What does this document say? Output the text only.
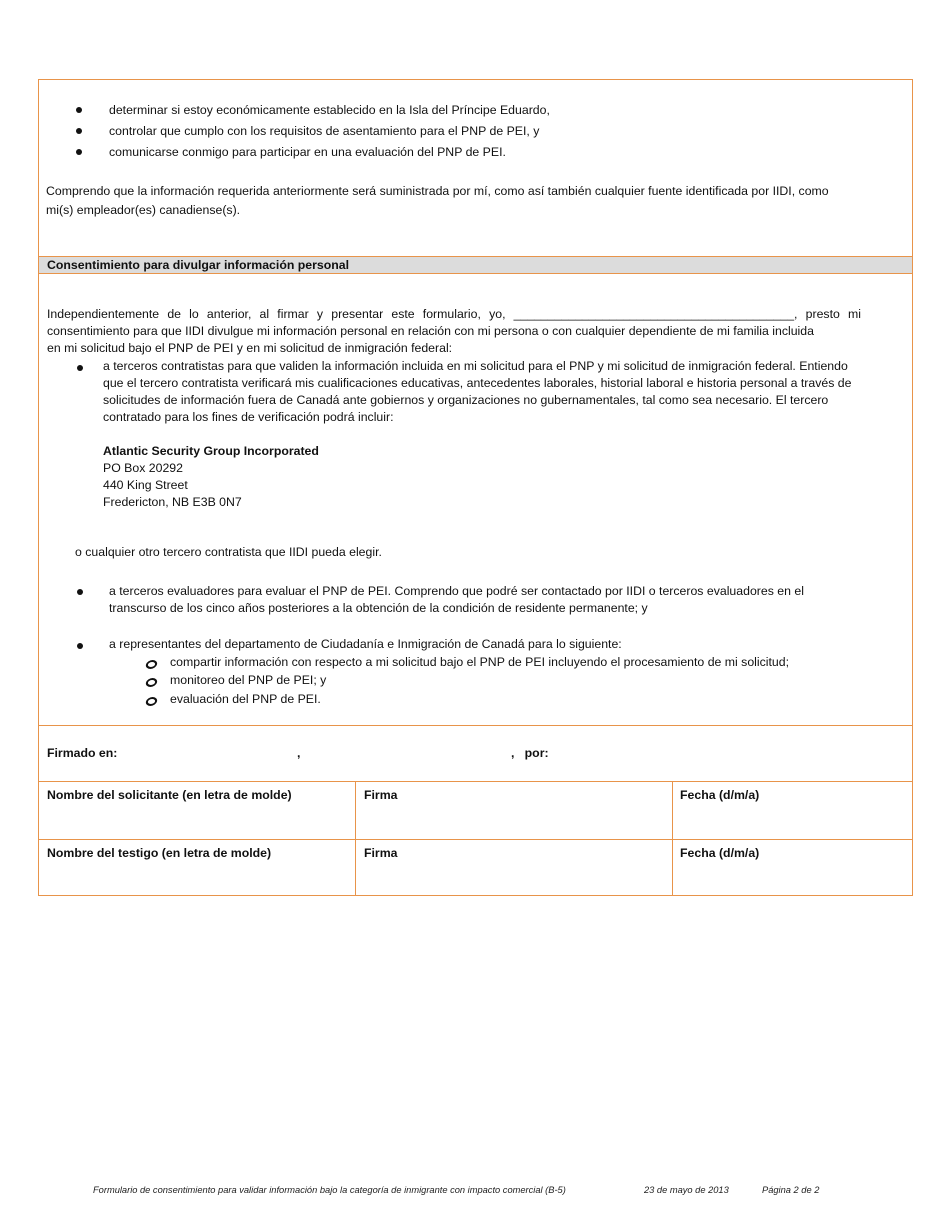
determinar si estoy económicamente establecido en la Isla del Príncipe Eduardo,
controlar que cumplo con los requisitos de asentamiento para el PNP de PEI, y
comunicarse conmigo para participar en una evaluación del PNP de PEI.
Comprendo que la información requerida anteriormente será suministrada por mí, como así también cualquier fuente identificada por IIDI, como
mi(s) empleador(es) canadiense(s).
Consentimiento para divulgar información personal
Independientemente de lo anterior, al firmar y presentar este formulario, yo, _________________________________________, presto mi
consentimiento para que IIDI divulgue mi información personal en relación con mi persona o con cualquier dependiente de mi familia incluida
en mi solicitud bajo el PNP de PEI y en mi solicitud de inmigración federal:
a terceros contratistas para que validen la información incluida en mi solicitud para el PNP y mi solicitud de inmigración federal. Entiendo
que el tercero contratista verificará mis cualificaciones educativas, antecedentes laborales, historial laboral e historia personal a través de
solicitudes de información fuera de Canadá ante gobiernos y organizaciones no gubernamentales, tal como sea necesario. El tercero
contratado para los fines de verificación podrá incluir:
Atlantic Security Group Incorporated
PO Box 20292
440 King Street
Fredericton, NB E3B 0N7
o cualquier otro tercero contratista que IIDI pueda elegir.
a terceros evaluadores para evaluar el PNP de PEI. Comprendo que podré ser contactado por IIDI o terceros evaluadores en el
transcurso de los cinco años posteriores a la obtención de la condición de residente permanente; y
a representantes del departamento de Ciudadanía e Inmigración de Canadá para lo siguiente:
compartir información con respecto a mi solicitud bajo el PNP de PEI incluyendo el procesamiento de mi solicitud;
monitoreo del PNP de PEI; y
evaluación del PNP de PEI.
Firmado en:	,	,   por:
Nombre del solicitante (en letra de molde)	Firma	Fecha (d/m/a)
Nombre del testigo (en letra de molde)	Firma	Fecha (d/m/a)
Formulario de consentimiento para validar información bajo la categoría de inmigrante con impacto comercial (B-5)	23 de mayo de 2013	Página 2 de 2
